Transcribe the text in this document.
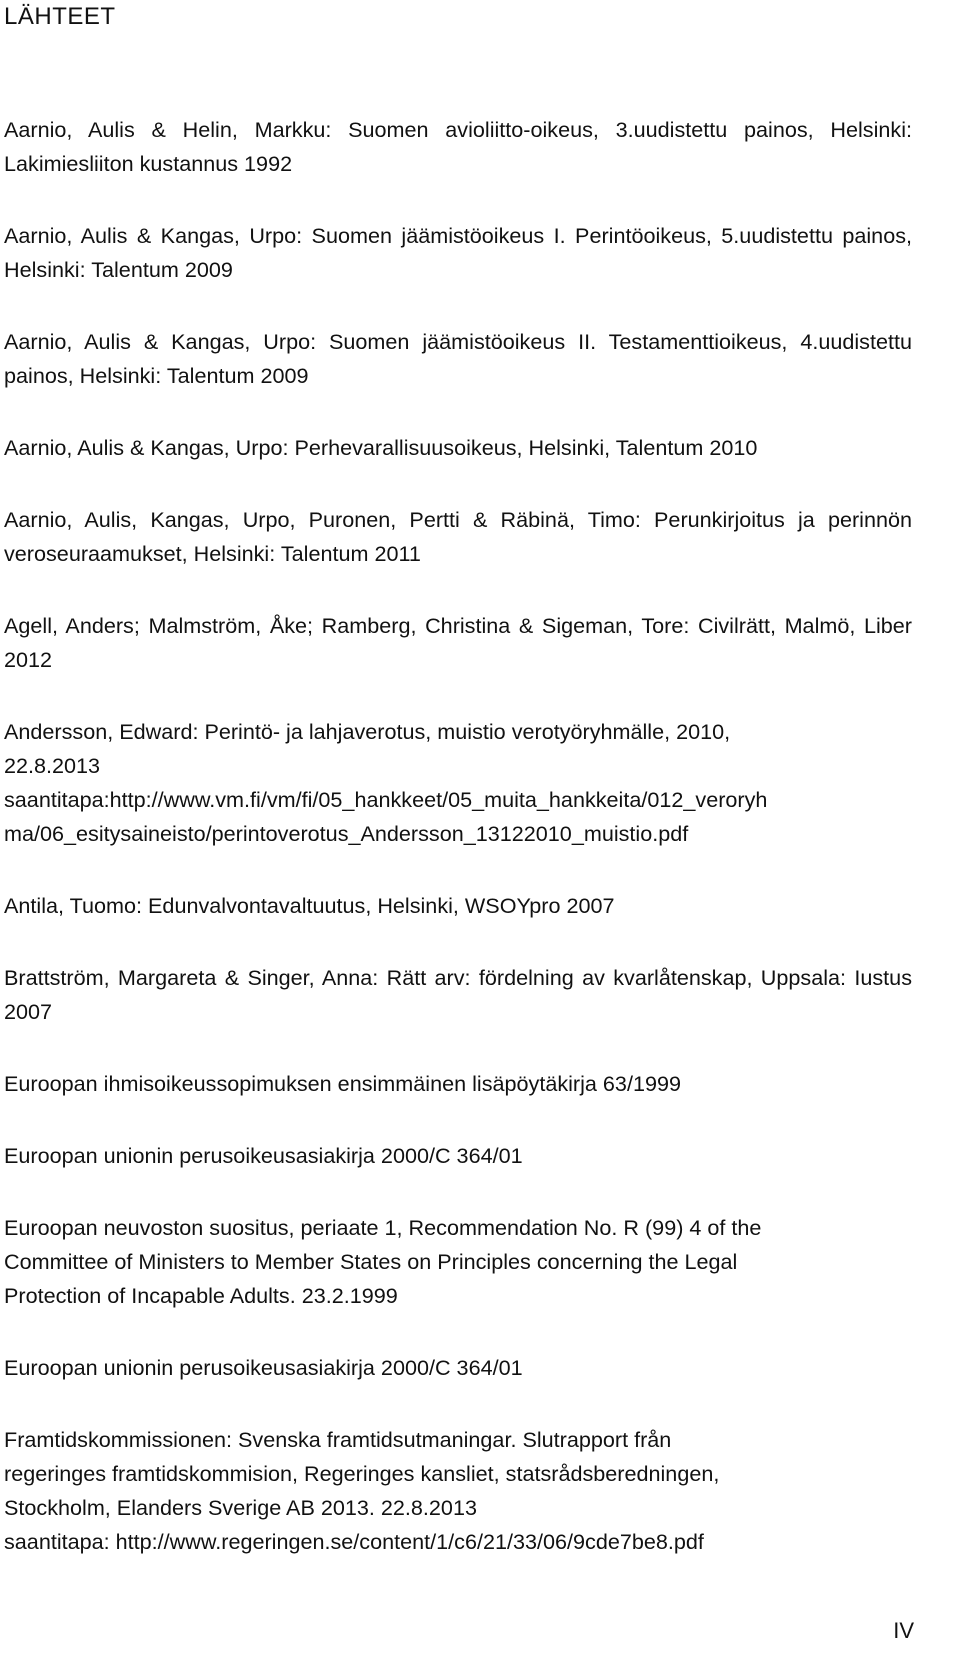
LÄHTEET

Aarnio, Aulis & Helin, Markku: Suomen avioliitto-oikeus, 3.uudistettu painos, Helsinki: Lakimiesliiton kustannus 1992

Aarnio, Aulis & Kangas, Urpo: Suomen jäämistöoikeus I. Perintöoikeus, 5.uudistettu painos, Helsinki: Talentum 2009

Aarnio, Aulis & Kangas, Urpo: Suomen jäämistöoikeus II. Testamenttioikeus, 4.uudistettu painos, Helsinki: Talentum 2009

Aarnio, Aulis & Kangas, Urpo: Perhevarallisuusoikeus, Helsinki, Talentum 2010

Aarnio, Aulis, Kangas, Urpo, Puronen, Pertti & Räbinä, Timo: Perunkirjoitus ja perinnön veroseuraamukset, Helsinki: Talentum 2011

Agell, Anders; Malmström, Åke; Ramberg, Christina & Sigeman, Tore: Civilrätt, Malmö, Liber 2012

Andersson, Edward: Perintö- ja lahjaverotus, muistio verotyöryhmälle, 2010,
22.8.2013
saantitapa:http://www.vm.fi/vm/fi/05_hankkeet/05_muita_hankkeita/012_veroryh
ma/06_esitysaineisto/perintoverotus_Andersson_13122010_muistio.pdf

Antila, Tuomo: Edunvalvontavaltuutus, Helsinki, WSOYpro 2007

Brattström, Margareta & Singer, Anna: Rätt arv: fördelning av kvarlåtenskap, Uppsala: Iustus 2007

Euroopan ihmisoikeussopimuksen ensimmäinen lisäpöytäkirja 63/1999

Euroopan unionin perusoikeusasiakirja 2000/C 364/01

Euroopan neuvoston suositus, periaate 1, Recommendation No. R (99) 4 of the
Committee of Ministers to Member States on Principles concerning the Legal
Protection of Incapable Adults. 23.2.1999

Euroopan unionin perusoikeusasiakirja 2000/C 364/01

Framtidskommissionen: Svenska framtidsutmaningar. Slutrapport från
regeringes framtidskommision, Regeringes kansliet, statsrådsberedningen,
Stockholm, Elanders Sverige AB 2013. 22.8.2013
saantitapa: http://www.regeringen.se/content/1/c6/21/33/06/9cde7be8.pdf

IV
